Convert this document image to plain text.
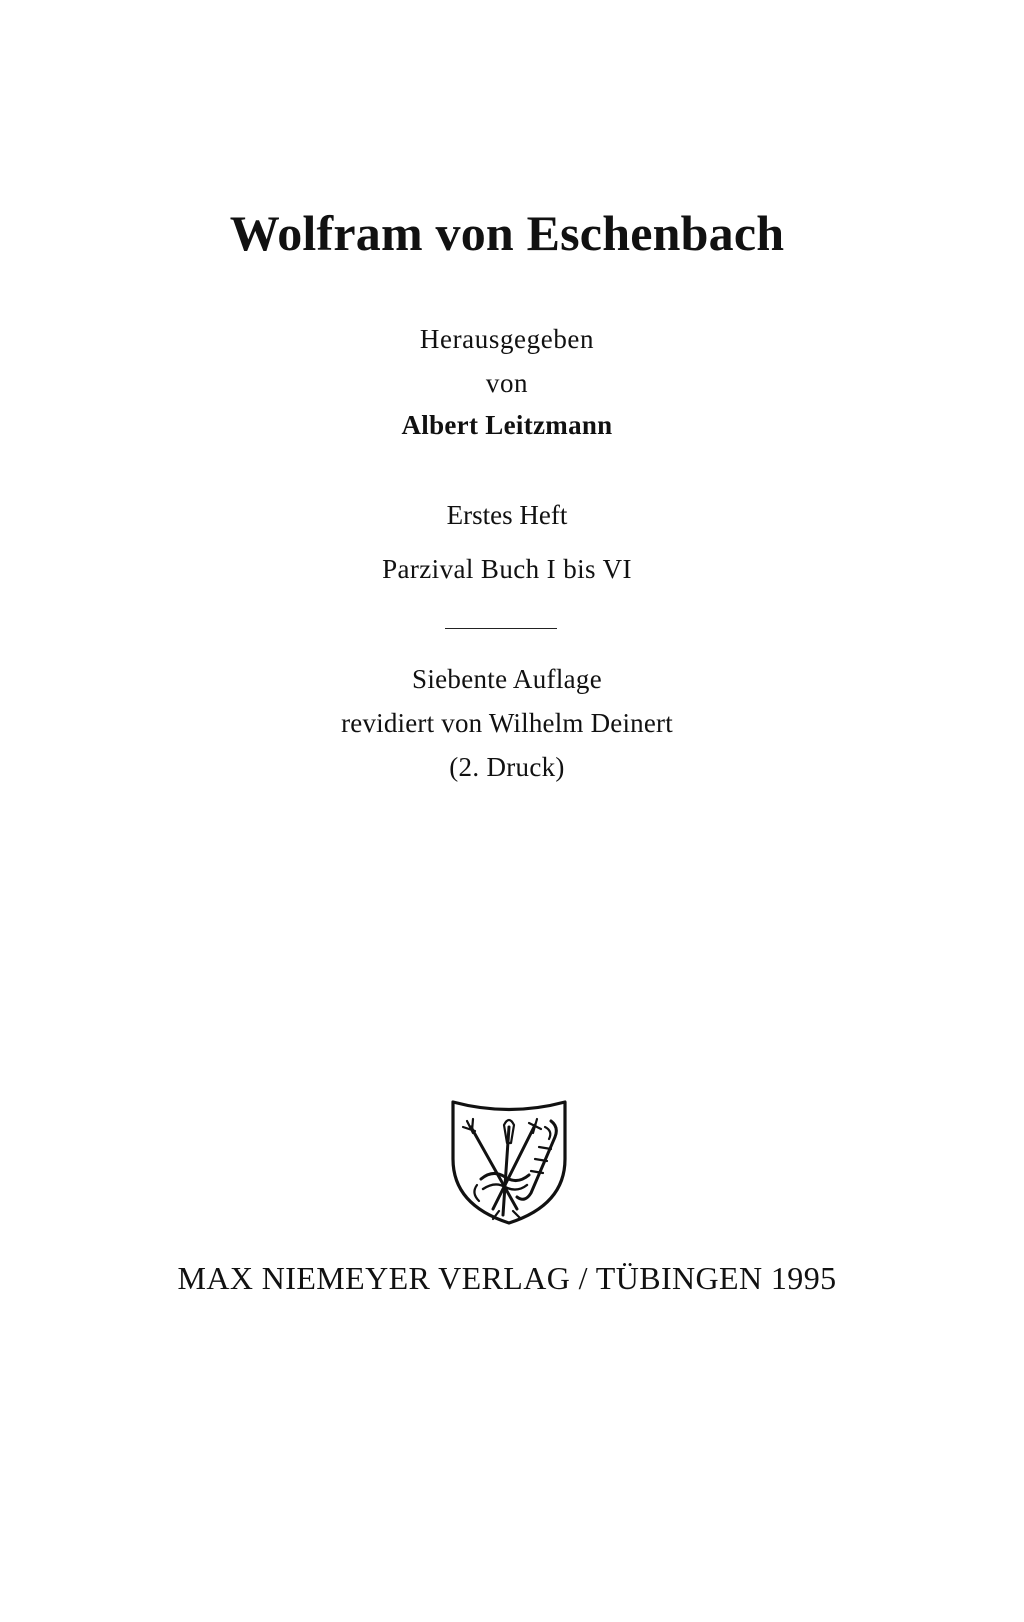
Wolfram von Eschenbach
Herausgegeben
von
Albert Leitzmann
Erstes Heft
Parzival Buch I bis VI
Siebente Auflage
revidiert von Wilhelm Deinert
(2. Druck)
MAX NIEMEYER VERLAG / TÜBINGEN 1995
